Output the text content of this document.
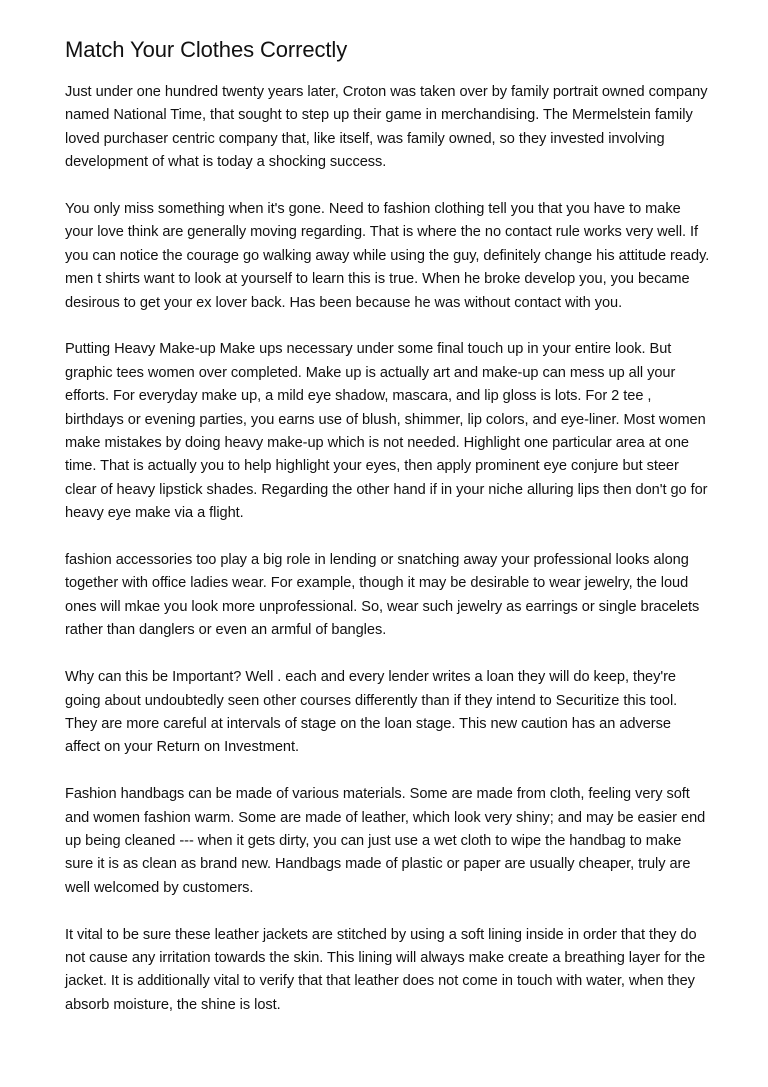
Match Your Clothes Correctly

Just under one hundred twenty years later, Croton was taken over by family portrait owned company named National Time, that sought to step up their game in merchandising. The Mermelstein family loved purchaser centric company that, like itself, was family owned, so they invested involving development of what is today a shocking success.

You only miss something when it's gone. Need to fashion clothing tell you that you have to make your love think are generally moving regarding. That is where the no contact rule works very well. If you can notice the courage go walking away while using the guy, definitely change his attitude ready. men t shirts want to look at yourself to learn this is true. When he broke develop you, you became desirous to get your ex lover back. Has been because he was without contact with you.

Putting Heavy Make-up Make ups necessary under some final touch up in your entire look. But graphic tees women over completed. Make up is actually art and make-up can mess up all your efforts. For everyday make up, a mild eye shadow, mascara, and lip gloss is lots. For 2 tee , birthdays or evening parties, you earns use of blush, shimmer, lip colors, and eye-liner. Most women make mistakes by doing heavy make-up which is not needed. Highlight one particular area at one time. That is actually you to help highlight your eyes, then apply prominent eye conjure but steer clear of heavy lipstick shades. Regarding the other hand if in your niche alluring lips then don't go for heavy eye make via a flight.

fashion accessories too play a big role in lending or snatching away your professional looks along together with office ladies wear. For example, though it may be desirable to wear jewelry, the loud ones will mkae you look more unprofessional. So, wear such jewelry as earrings or single bracelets rather than danglers or even an armful of bangles.

Why can this be Important? Well . each and every lender writes a loan they will do keep, they're going about undoubtedly seen other courses differently than if they intend to Securitize this tool. They are more careful at intervals of stage on the loan stage. This new caution has an adverse affect on your Return on Investment.

Fashion handbags can be made of various materials. Some are made from cloth, feeling very soft and women fashion warm. Some are made of leather, which look very shiny; and may be easier end up being cleaned --- when it gets dirty, you can just use a wet cloth to wipe the handbag to make sure it is as clean as brand new. Handbags made of plastic or paper are usually cheaper, truly are well welcomed by customers.

It vital to be sure these leather jackets are stitched by using a soft lining inside in order that they do not cause any irritation towards the skin. This lining will always make create a breathing layer for the jacket. It is additionally vital to verify that that leather does not come in touch with water, when they absorb moisture, the shine is lost.
